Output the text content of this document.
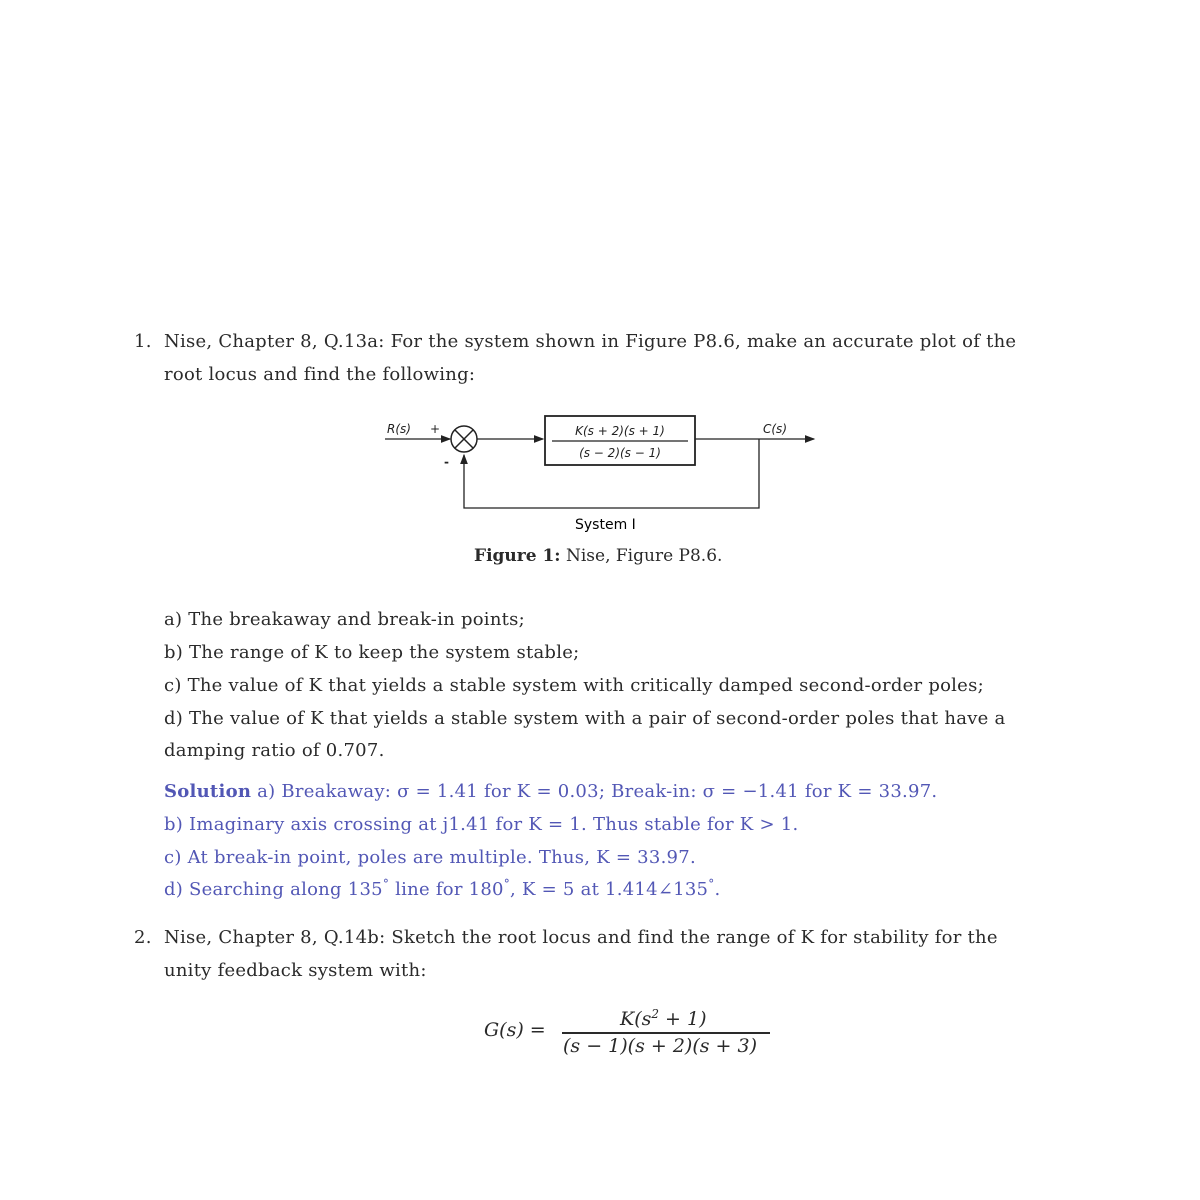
1. Nise, Chapter 8, Q.13a: For the system shown in Figure P8.6, make an accurate plot of the
root locus and find the following:
R(s) +
-
K(s + 2)(s + 1)
(s − 2)(s − 1)
C(s)
System I
Figure 1: Nise, Figure P8.6.
a) The breakaway and break-in points;
b) The range of K to keep the system stable;
c) The value of K that yields a stable system with critically damped second-order poles;
d) The value of K that yields a stable system with a pair of second-order poles that have a
damping ratio of 0.707.
Solution a) Breakaway: σ = 1.41 for K = 0.03; Break-in: σ = −1.41 for K = 33.97.
b) Imaginary axis crossing at j1.41 for K = 1. Thus stable for K > 1.
c) At break-in point, poles are multiple. Thus, K = 33.97.
d) Searching along 135° line for 180°, K = 5 at 1.414∠135°.
2. Nise, Chapter 8, Q.14b: Sketch the root locus and find the range of K for stability for the
unity feedback system with:
G(s) =	$K(s^2 + 1)$
(s − 1)(s + 2)(s + 3)
